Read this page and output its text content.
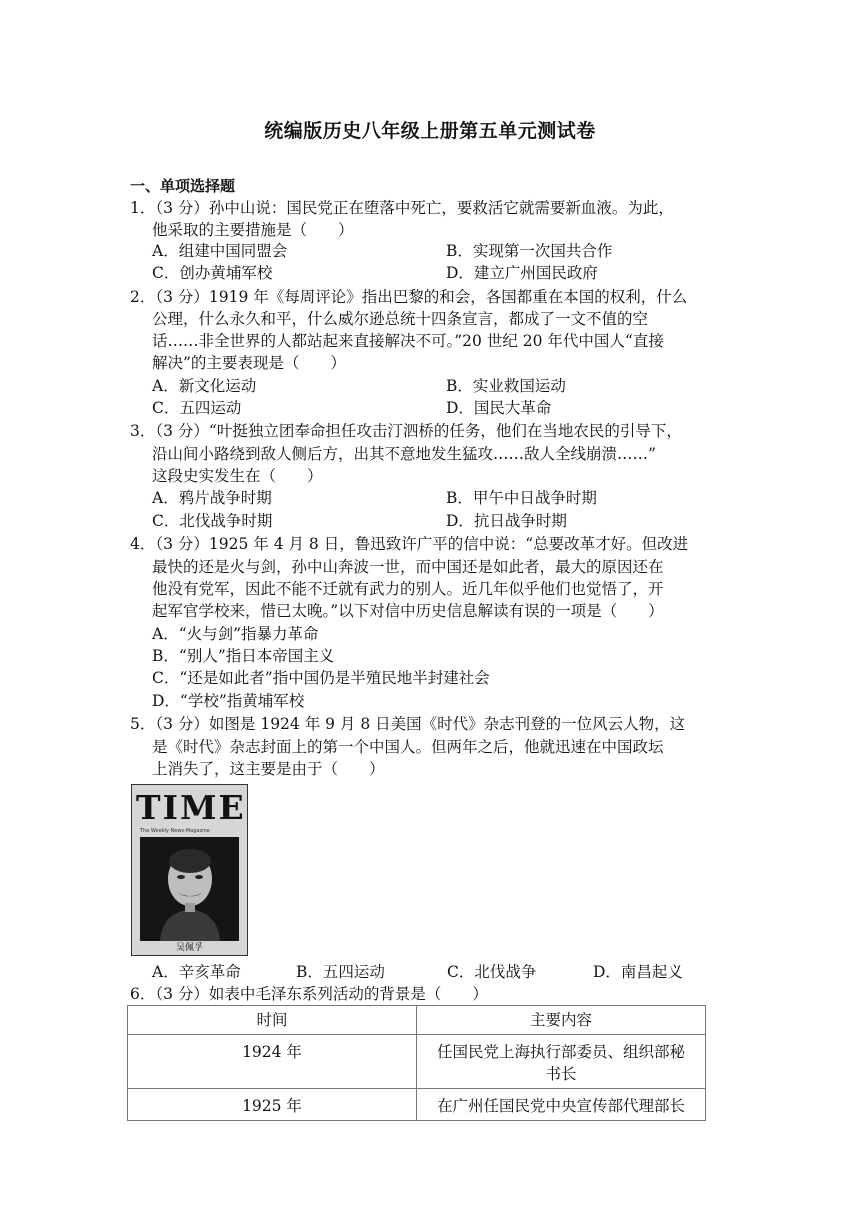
统编版历史八年级上册第五单元测试卷
一、单项选择题
1．（3 分）孙中山说：国民党正在堕落中死亡，要救活它就需要新血液。为此，
他采取的主要措施是（　　）
A．组建中国同盟会	B．实现第一次国共合作
C．创办黄埔军校	D．建立广州国民政府
2．（3 分）1919 年《每周评论》指出巴黎的和会，各国都重在本国的权利，什么
公理，什么永久和平，什么威尔逊总统十四条宣言，都成了一文不值的空
话……非全世界的人都站起来直接解决不可。”20 世纪 20 年代中国人“直接
解决”的主要表现是（　　）
A．新文化运动	B．实业救国运动
C．五四运动	D．国民大革命
3．（3 分）“叶挺独立团奉命担任攻击汀泗桥的任务，他们在当地农民的引导下，
沿山间小路绕到敌人侧后方，出其不意地发生猛攻……敌人全线崩溃……”
这段史实发生在（　　）
A．鸦片战争时期	B．甲午中日战争时期
C．北伐战争时期	D．抗日战争时期
4．（3 分）1925 年 4 月 8 日，鲁迅致许广平的信中说：“总要改革才好。但改进
最快的还是火与剑，孙中山奔波一世，而中国还是如此者，最大的原因还在
他没有党军，因此不能不迁就有武力的别人。近几年似乎他们也觉悟了，开
起军官学校来，惜已太晚。”以下对信中历史信息解读有误的一项是（　　）
A．“火与剑”指暴力革命
B．“别人”指日本帝国主义
C．“还是如此者”指中国仍是半殖民地半封建社会
D．“学校”指黄埔军校
5．（3 分）如图是 1924 年 9 月 8 日美国《时代》杂志刊登的一位风云人物，这
是《时代》杂志封面上的第一个中国人。但两年之后，他就迅速在中国政坛
上消失了，这主要是由于（　　）
TIME
The Weekly News-Magazine
吴佩孚
A．辛亥革命	B．五四运动	C．北伐战争	D．南昌起义
6．（3 分）如表中毛泽东系列活动的背景是（　　）
时间	主要内容
1924 年	任国民党上海执行部委员、组织部秘
书长

1925 年	在广州任国民党中央宣传部代理部长
